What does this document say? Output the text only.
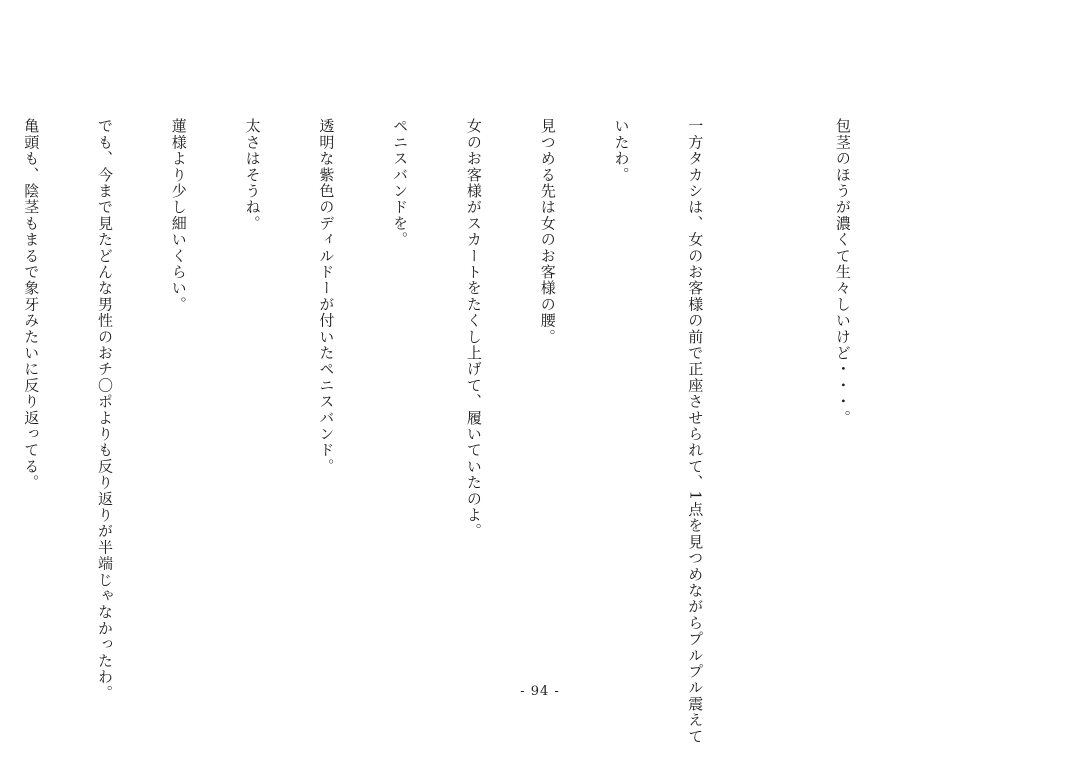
包茎のほうが濃くて生々しいけど・・・。

一方タカシは、女のお客様の前で正座させられて、1点を見つめながらプルプル震えて

いたわ。

見つめる先は女のお客様の腰。

女のお客様がスカートをたくし上げて、履いていたのよ。

ペニスバンドを。

透明な紫色のディルドーが付いたペニスバンド。

太さはそうね。

蓮様より少し細いくらい。

でも、今まで見たどんな男性のおチ〇ポよりも反り返りが半端じゃなかったわ。

亀頭も、陰茎もまるで象牙みたいに反り返ってる。

- 94 -
